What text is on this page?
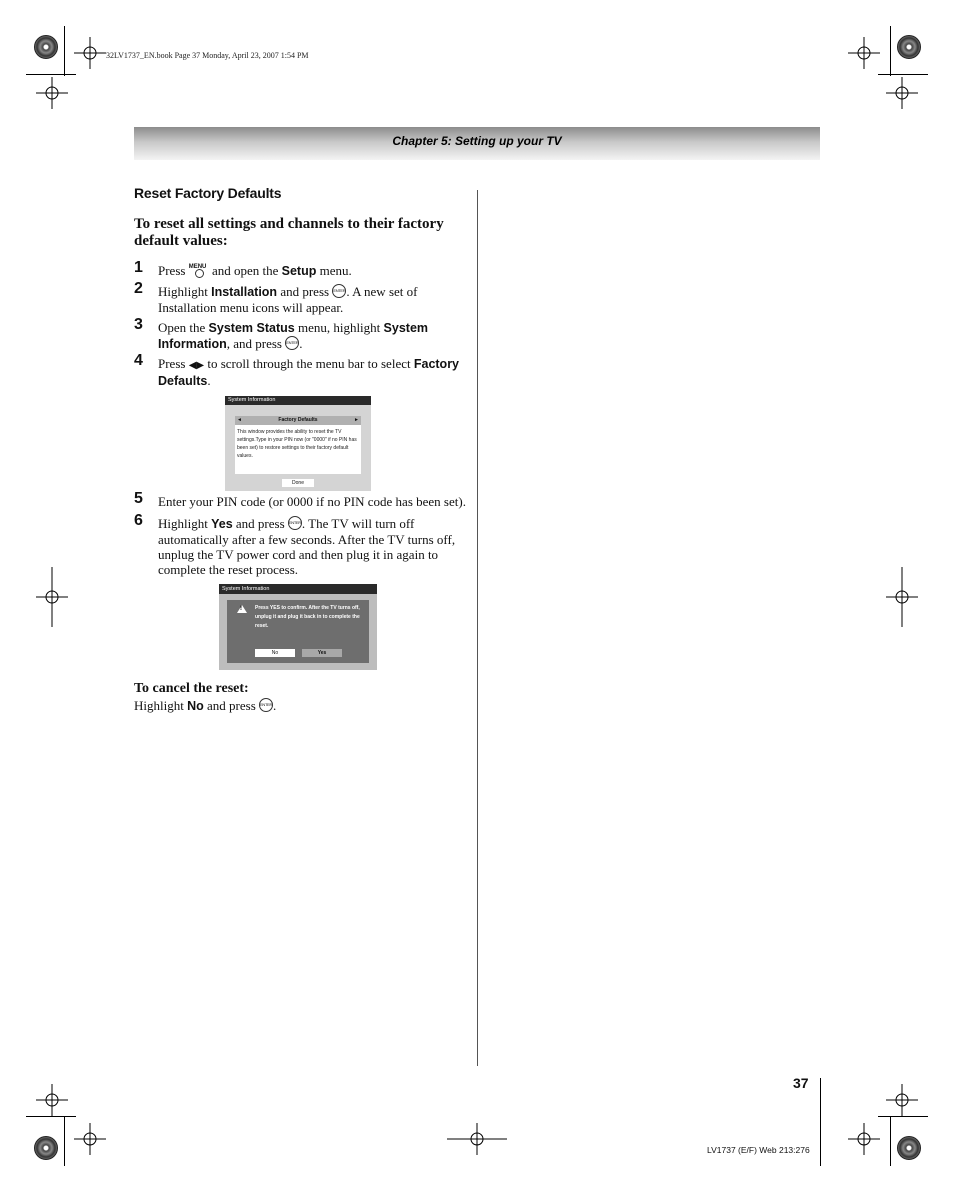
32LV1737_EN.book Page 37 Monday, April 23, 2007 1:54 PM
Chapter 5: Setting up your TV
Reset Factory Defaults
To reset all settings and channels to their factory default values:
1 Press MENU and open the Setup menu.
2 Highlight Installation and press ENTER. A new set of Installation menu icons will appear.
3 Open the System Status menu, highlight System Information, and press ENTER.
4 Press ◀▶ to scroll through the menu bar to select Factory Defaults.
System Information
◄	Factory Defaults	►

This window provides the ability to reset the TV settings.Type in your PIN now (or "0000" if no PIN has been set) to restore settings to their factory default values.

Done
5 Enter your PIN code (or 0000 if no PIN code has been set).
6 Highlight Yes and press ENTER. The TV will turn off automatically after a few seconds. After the TV turns off, unplug the TV power cord and then plug it in again to complete the reset process.
System Information
!	Press YES to confirm. After the TV turns off, unplug it and plug it back in to complete the reset.

No	Yes
To cancel the reset:
Highlight No and press ENTER.
37
LV1737 (E/F) Web 213:276
